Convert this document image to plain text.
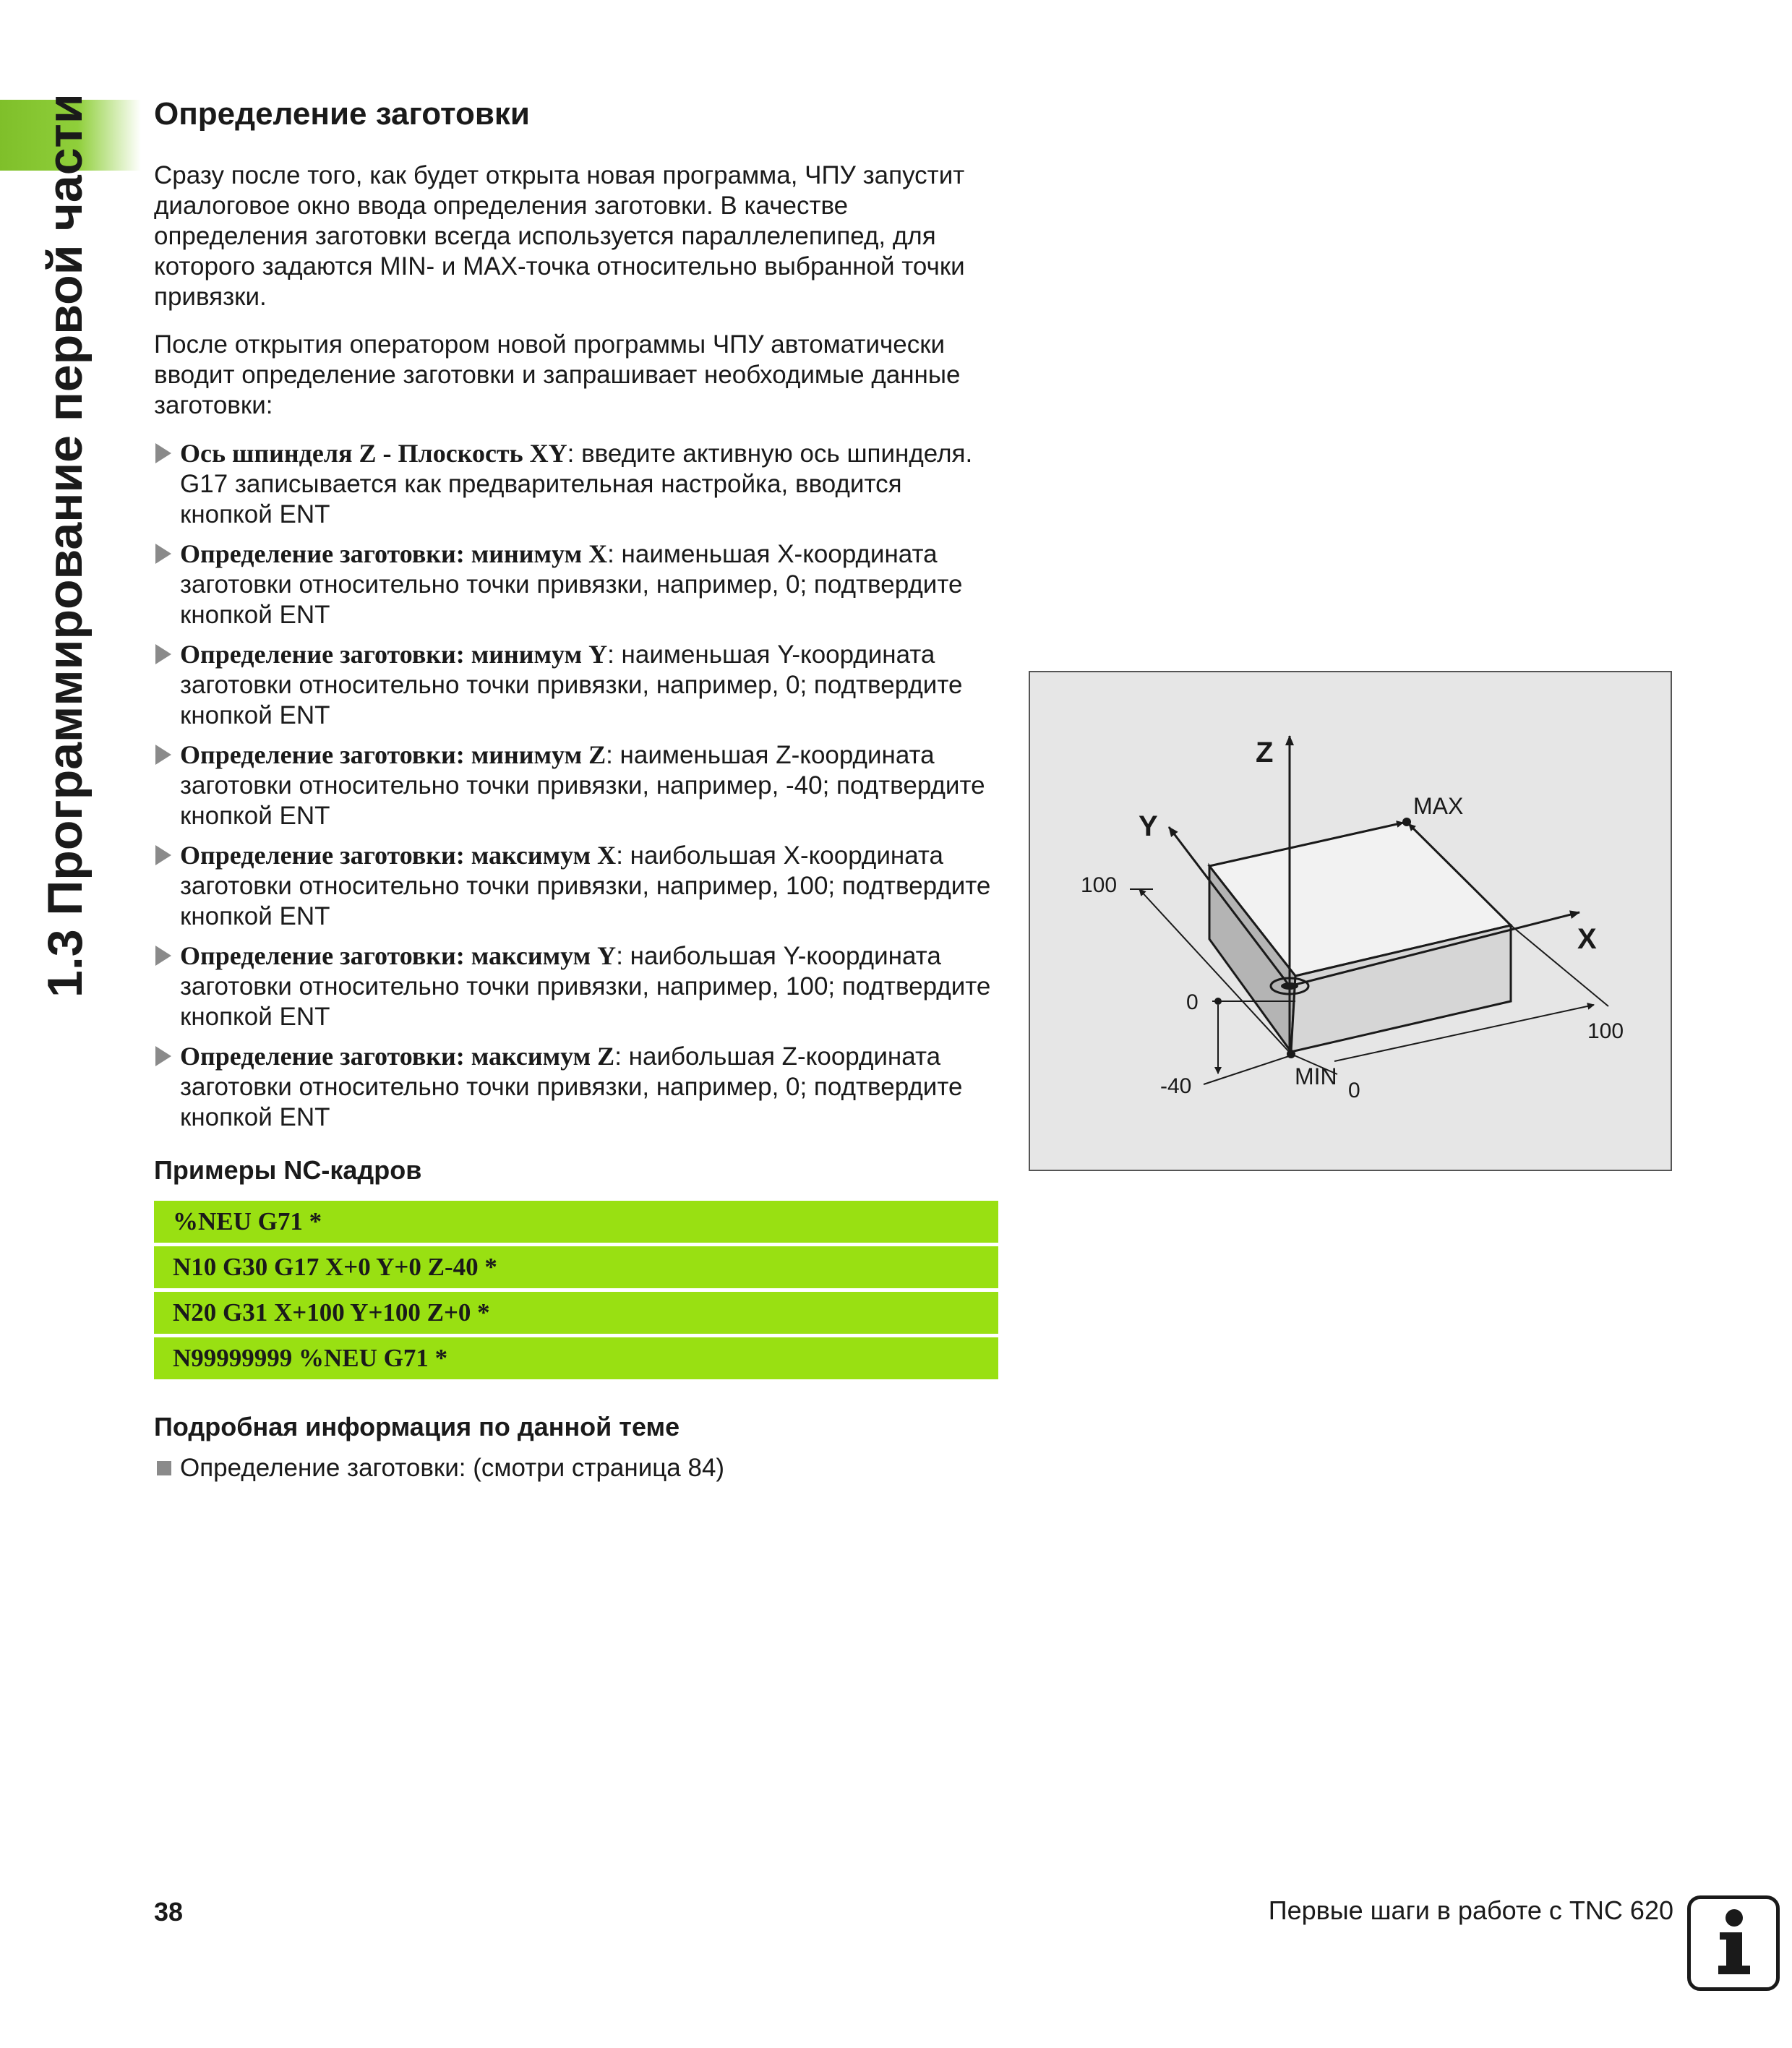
1.3 Программирование первой части Определение заготовки

Сразу после того, как будет открыта новая программа, ЧПУ запустит диалоговое окно ввода определения заготовки. В качестве определения заготовки всегда используется параллелепипед, для которого задаются MIN- и MAX-точка относительно выбранной точки привязки.

После открытия оператором новой программы ЧПУ автоматически вводит определение заготовки и запрашивает необходимые данные заготовки:

Ось шпинделя Z - Плоскость XY: введите активную ось шпинделя. G17 записывается как предварительная настройка, вводится кнопкой ENT
Определение заготовки: минимум X: наименьшая X-координата заготовки относительно точки привязки, например, 0; подтвердите кнопкой ENT
Определение заготовки: минимум Y: наименьшая Y-координата заготовки относительно точки привязки, например, 0; подтвердите кнопкой ENT
Определение заготовки: минимум Z: наименьшая Z-координата заготовки относительно точки привязки, например, -40; подтвердите кнопкой ENT
Определение заготовки: максимум X: наибольшая X-координата заготовки относительно точки привязки, например, 100; подтвердите кнопкой ENT
Определение заготовки: максимум Y: наибольшая Y-координата заготовки относительно точки привязки, например, 100; подтвердите кнопкой ENT
Определение заготовки: максимум Z: наибольшая Z-координата заготовки относительно точки привязки, например, 0; подтвердите кнопкой ENT
Примеры NC-кадров
%NEU G71 *
N10 G30 G17 X+0 Y+0 Z-40 *
N20 G31 X+100 Y+100 Z+0 *
N99999999 %NEU G71 *
Подробная информация по данной теме
Определение заготовки: (смотри страница 84)
Z
Y
X
MAX
MIN
100
0
-40
100
0
38	Первые шаги в работе с TNC 620
